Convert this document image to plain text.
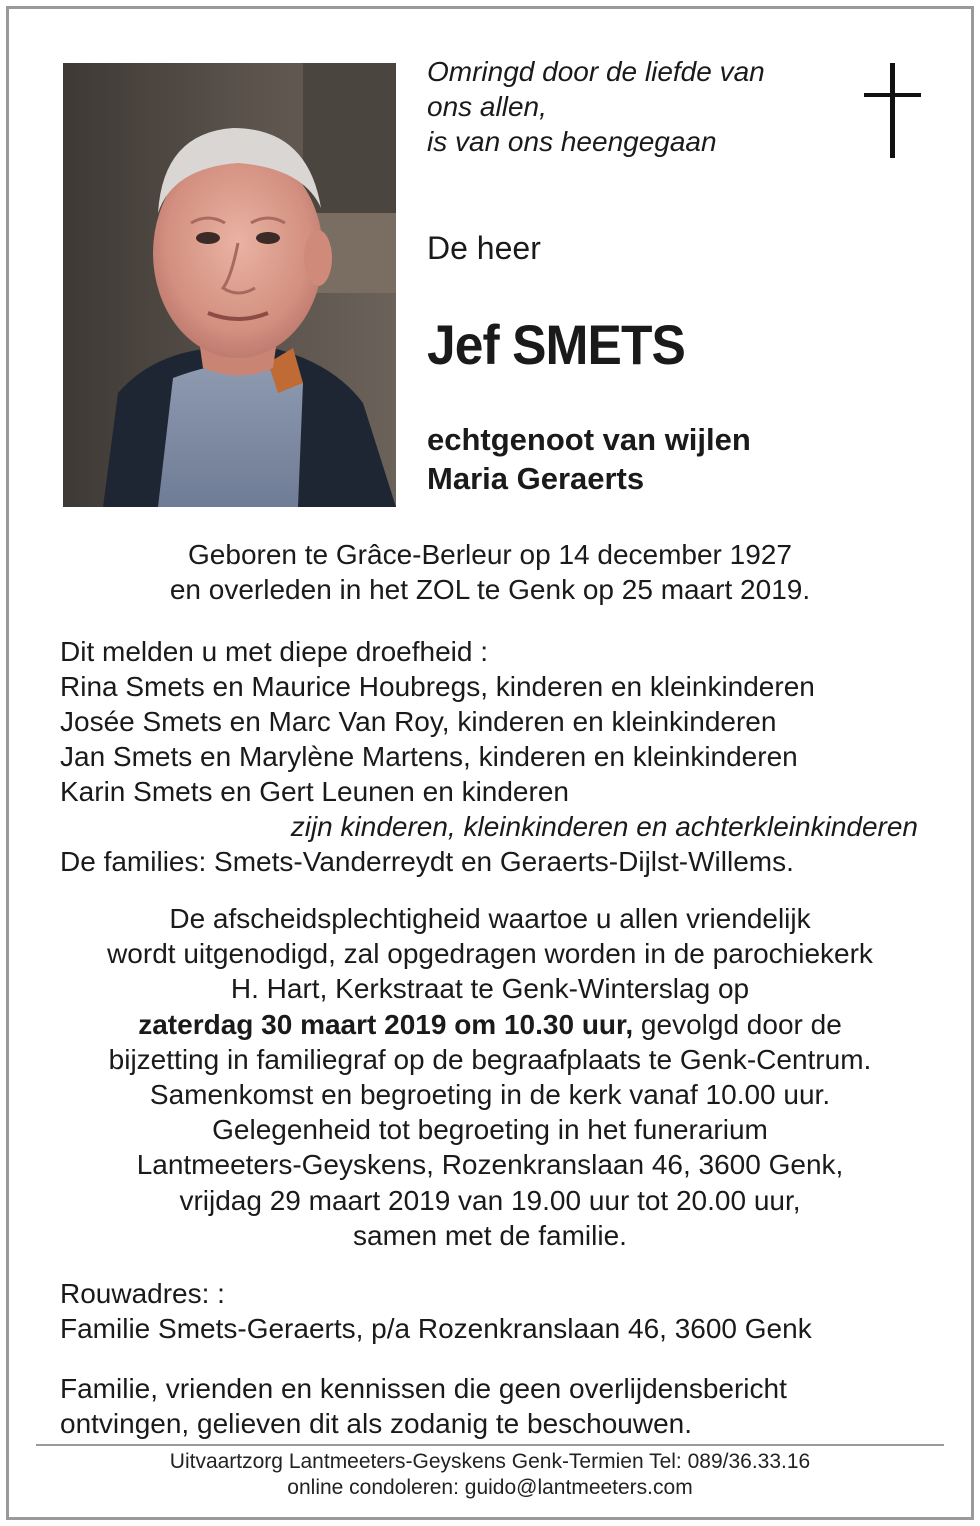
Omringd door de liefde van
ons allen,
is van ons heengegaan
De heer
Jef SMETS
echtgenoot van wijlen
Maria Geraerts
Geboren te Grâce-Berleur op 14 december 1927
en overleden in het ZOL te Genk op 25 maart 2019.
Dit melden u met diepe droefheid :
Rina Smets en Maurice Houbregs, kinderen en kleinkinderen
Josée Smets en Marc Van Roy, kinderen en kleinkinderen
Jan Smets en Marylène Martens, kinderen en kleinkinderen
Karin Smets en Gert Leunen en kinderen
zijn kinderen, kleinkinderen en achterkleinkinderen
De families: Smets-Vanderreydt en Geraerts-Dijlst-Willems.
De afscheidsplechtigheid waartoe u allen vriendelijk
wordt uitgenodigd, zal opgedragen worden in de parochiekerk
H. Hart, Kerkstraat te Genk-Winterslag op
zaterdag 30 maart 2019 om 10.30 uur, gevolgd door de
bijzetting in familiegraf op de begraafplaats te Genk-Centrum.
Samenkomst en begroeting in de kerk vanaf 10.00 uur.
Gelegenheid tot begroeting in het funerarium
Lantmeeters-Geyskens, Rozenkranslaan 46, 3600 Genk,
vrijdag 29 maart 2019 van 19.00 uur tot 20.00 uur,
samen met de familie.
Rouwadres: :
Familie Smets-Geraerts, p/a Rozenkranslaan 46, 3600 Genk
Familie, vrienden en kennissen die geen overlijdensbericht
ontvingen, gelieven dit als zodanig te beschouwen.
Uitvaartzorg Lantmeeters-Geyskens Genk-Termien Tel: 089/36.33.16
online condoleren: guido@lantmeeters.com
